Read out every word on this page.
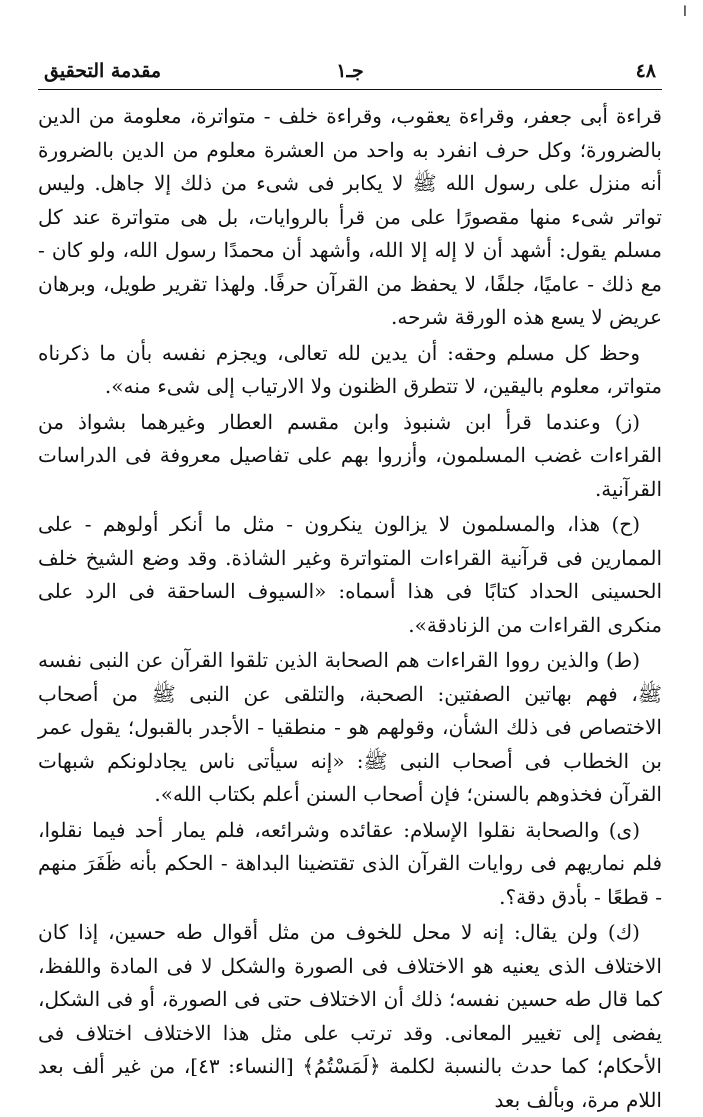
ا
٤٨
جـ١
مقدمة التحقيق

قراءة أبى جعفر، وقراءة يعقوب، وقراءة خلف - متواترة، معلومة من الدين بالضرورة؛ وكل حرف انفرد به واحد من العشرة معلوم من الدين بالضرورة أنه منزل على رسول الله ﷺ لا يكابر فى شىء من ذلك إلا جاهل. وليس تواتر شىء منها مقصورًا على من قرأ بالروايات، بل هى متواترة عند كل مسلم يقول: أشهد أن لا إله إلا الله، وأشهد أن محمدًا رسول الله، ولو كان - مع ذلك - عاميًا، جلفًا، لا يحفظ من القرآن حرفًا. ولهذا تقرير طويل، وبرهان عريض لا يسع هذه الورقة شرحه.

وحظ كل مسلم وحقه: أن يدين لله تعالى، ويجزم نفسه بأن ما ذكرناه متواتر، معلوم باليقين، لا تتطرق الظنون ولا الارتياب إلى شىء منه».

(ز) وعندما قرأ ابن شنبوذ وابن مقسم العطار وغيرهما بشواذ من القراءات غضب المسلمون، وأزروا بهم على تفاصيل معروفة فى الدراسات القرآنية.

(ح) هذا، والمسلمون لا يزالون ينكرون - مثل ما أنكر أولوهم - على الممارين فى قرآنية القراءات المتواترة وغير الشاذة. وقد وضع الشيخ خلف الحسينى الحداد كتابًا فى هذا أسماه: «السيوف الساحقة فى الرد على منكرى القراءات من الزنادقة».

(ط) والذين رووا القراءات هم الصحابة الذين تلقوا القرآن عن النبى نفسه ﷺ، فهم بهاتين الصفتين: الصحبة، والتلقى عن النبى ﷺ من أصحاب الاختصاص فى ذلك الشأن، وقولهم هو - منطقيا - الأجدر بالقبول؛ يقول عمر بن الخطاب فى أصحاب النبى ﷺ: «إنه سيأتى ناس يجادلونكم شبهات القرآن فخذوهم بالسنن؛ فإن أصحاب السنن أعلم بكتاب الله».

(ى) والصحابة نقلوا الإسلام: عقائده وشرائعه، فلم يمار أحد فيما نقلوا، فلم نماريهم فى روايات القرآن الذى تقتضينا البداهة - الحكم بأنه ظَفَرَ منهم - قطعًا - بأدق دقة؟.

(ك) ولن يقال: إنه لا محل للخوف من مثل أقوال طه حسين، إذا كان الاختلاف الذى يعنيه هو الاختلاف فى الصورة والشكل لا فى المادة واللفظ، كما قال طه حسين نفسه؛ ذلك أن الاختلاف حتى فى الصورة، أو فى الشكل، يفضى إلى تغيير المعانى. وقد ترتب على مثل هذا الاختلاف اختلاف فى الأحكام؛ كما حدث بالنسبة لكلمة ﴿لَمَسْتُمُ﴾ [النساء: ٤٣]، من غير ألف بعد اللام مرة، وبألف بعد
